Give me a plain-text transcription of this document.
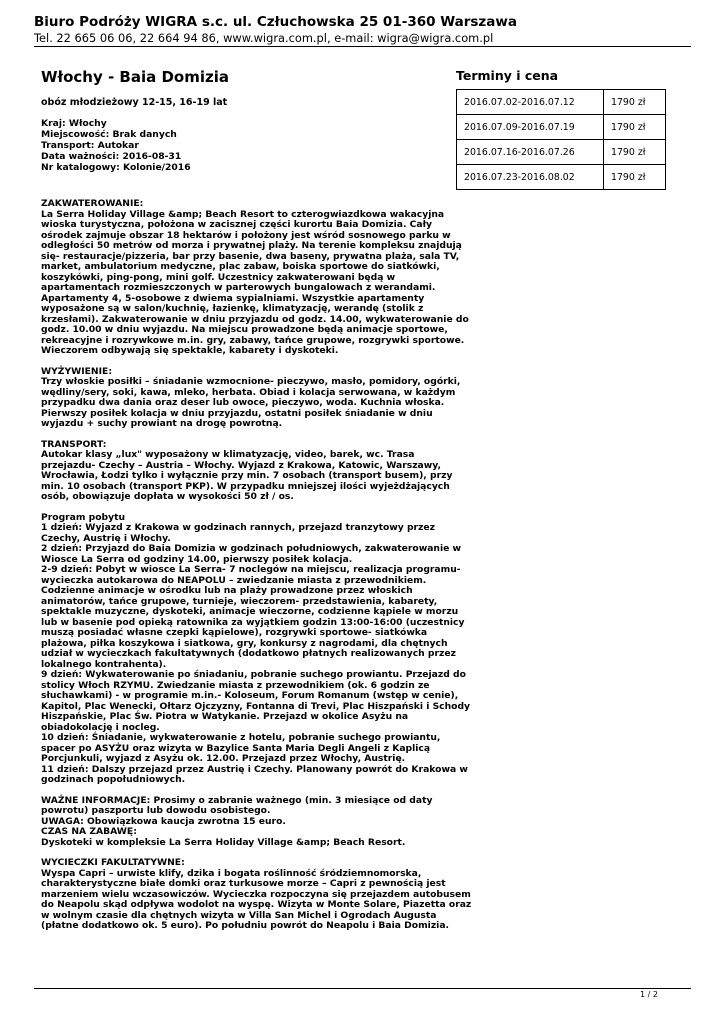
Biuro Podróży WIGRA s.c. ul. Człuchowska 25 01-360 Warszawa
Tel. 22 665 06 06, 22 664 94 86, www.wigra.com.pl, e-mail: wigra@wigra.com.pl
Włochy - Baia Domizia
obóz młodzieżowy 12-15, 16-19 lat
Kraj: Włochy
Miejscowość: Brak danych
Transport: Autokar
Data ważności: 2016-08-31
Nr katalogowy: Kolonie/2016
ZAKWATEROWANIE:
La Serra Holiday Village &amp; Beach Resort to czterogwiazdkowa wakacyjna
wioska turystyczna, położona w zacisznej części kurortu Baia Domizia. Cały
ośrodek zajmuje obszar 18 hektarów i położony jest wśród sosnowego parku w
odległości 50 metrów od morza i prywatnej plaży. Na terenie kompleksu znajdują
się- restauracje/pizzeria, bar przy basenie, dwa baseny, prywatna plaża, sala TV,
market, ambulatorium medyczne, plac zabaw, boiska sportowe do siatkówki,
koszykówki, ping-pong, mini golf. Uczestnicy zakwaterowani będą w
apartamentach rozmieszczonych w parterowych bungalowach z werandami.
Apartamenty 4, 5-osobowe z dwiema sypialniami. Wszystkie apartamenty
wyposażone są w salon/kuchnię, łazienkę, klimatyzację, werandę (stolik z
krzesłami). Zakwaterowanie w dniu przyjazdu od godz. 14.00, wykwaterowanie do
godz. 10.00 w dniu wyjazdu. Na miejscu prowadzone będą animacje sportowe,
rekreacyjne i rozrywkowe m.in. gry, zabawy, tańce grupowe, rozgrywki sportowe.
Wieczorem odbywają się spektakle, kabarety i dyskoteki.
WYŻYWIENIE:
Trzy włoskie posiłki – śniadanie wzmocnione- pieczywo, masło, pomidory, ogórki,
wędliny/sery, soki, kawa, mleko, herbata. Obiad i kolacja serwowana, w każdym
przypadku dwa dania oraz deser lub owoce, pieczywo, woda. Kuchnia włoska.
Pierwszy posiłek kolacja w dniu przyjazdu, ostatni posiłek śniadanie w dniu
wyjazdu + suchy prowiant na drogę powrotną.
TRANSPORT:
Autokar klasy „lux" wyposażony w klimatyzację, video, barek, wc. Trasa
przejazdu- Czechy – Austria – Włochy. Wyjazd z Krakowa, Katowic, Warszawy,
Wrocławia, Łodzi tylko i wyłącznie przy min. 7 osobach (transport busem), przy
min. 10 osobach (transport PKP). W przypadku mniejszej ilości wyjeżdżających
osób, obowiązuje dopłata w wysokości 50 zł / os.
Program pobytu
1 dzień: Wyjazd z Krakowa w godzinach rannych, przejazd tranzytowy przez
Czechy, Austrię i Włochy.
2 dzień: Przyjazd do Baia Domizia w godzinach południowych, zakwaterowanie w
Wiosce La Serra od godziny 14.00, pierwszy posiłek kolacja.
2-9 dzień: Pobyt w wiosce La Serra- 7 noclegów na miejscu, realizacja programu-
wycieczka autokarowa do NEAPOLU – zwiedzanie miasta z przewodnikiem.
Codzienne animacje w ośrodku lub na plaży prowadzone przez włoskich
animatorów, tańce grupowe, turnieje, wieczorem- przedstawienia, kabarety,
spektakle muzyczne, dyskoteki, animacje wieczorne, codzienne kąpiele w morzu
lub w basenie pod opieką ratownika za wyjątkiem godzin 13:00-16:00 (uczestnicy
muszą posiadać własne czepki kąpielowe), rozgrywki sportowe- siatkówka
plażowa, piłka koszykowa i siatkowa, gry, konkursy z nagrodami, dla chętnych
udział w wycieczkach fakultatywnych (dodatkowo płatnych realizowanych przez
lokalnego kontrahenta).
9 dzień: Wykwaterowanie po śniadaniu, pobranie suchego prowiantu. Przejazd do
stolicy Włoch RZYMU. Zwiedzanie miasta z przewodnikiem (ok. 6 godzin ze
słuchawkami) - w programie m.in.- Koloseum, Forum Romanum (wstęp w cenie),
Kapitol, Plac Wenecki, Ołtarz Ojczyzny, Fontanna di Trevi, Plac Hiszpański i Schody
Hiszpańskie, Plac Św. Piotra w Watykanie. Przejazd w okolice Asyżu na
obiadokolację i nocleg.
10 dzień: Śniadanie, wykwaterowanie z hotelu, pobranie suchego prowiantu,
spacer po ASYŻU oraz wizyta w Bazylice Santa Maria Degli Angeli z Kaplicą
Porcjunkuli, wyjazd z Asyżu ok. 12.00. Przejazd przez Włochy, Austrię.
11 dzień: Dalszy przejazd przez Austrię i Czechy. Planowany powrót do Krakowa w
godzinach popołudniowych.
WAŻNE INFORMACJE: Prosimy o zabranie ważnego (min. 3 miesiące od daty
powrotu) paszportu lub dowodu osobistego.
UWAGA: Obowiązkowa kaucja zwrotna 15 euro.
CZAS NA ZABAWĘ:
Dyskoteki w kompleksie La Serra Holiday Village &amp; Beach Resort.
WYCIECZKI FAKULTATYWNE:
Wyspa Capri – urwiste klify, dzika i bogata roślinność śródziemnomorska,
charakterystyczne białe domki oraz turkusowe morze – Capri z pewnością jest
marzeniem wielu wczasowiczów. Wycieczka rozpoczyna się przejazdem autobusem
do Neapolu skąd odpływa wodolot na wyspę. Wizyta w Monte Solare, Piazetta oraz
w wolnym czasie dla chętnych wizyta w Villa San Michel i Ogrodach Augusta
(płatne dodatkowo ok. 5 euro). Po południu powrót do Neapolu i Baia Domizia.
Terminy i cena
2016.07.02-2016.07.12	1790 zł
2016.07.09-2016.07.19	1790 zł
2016.07.16-2016.07.26	1790 zł
2016.07.23-2016.08.02	1790 zł
1 / 2
